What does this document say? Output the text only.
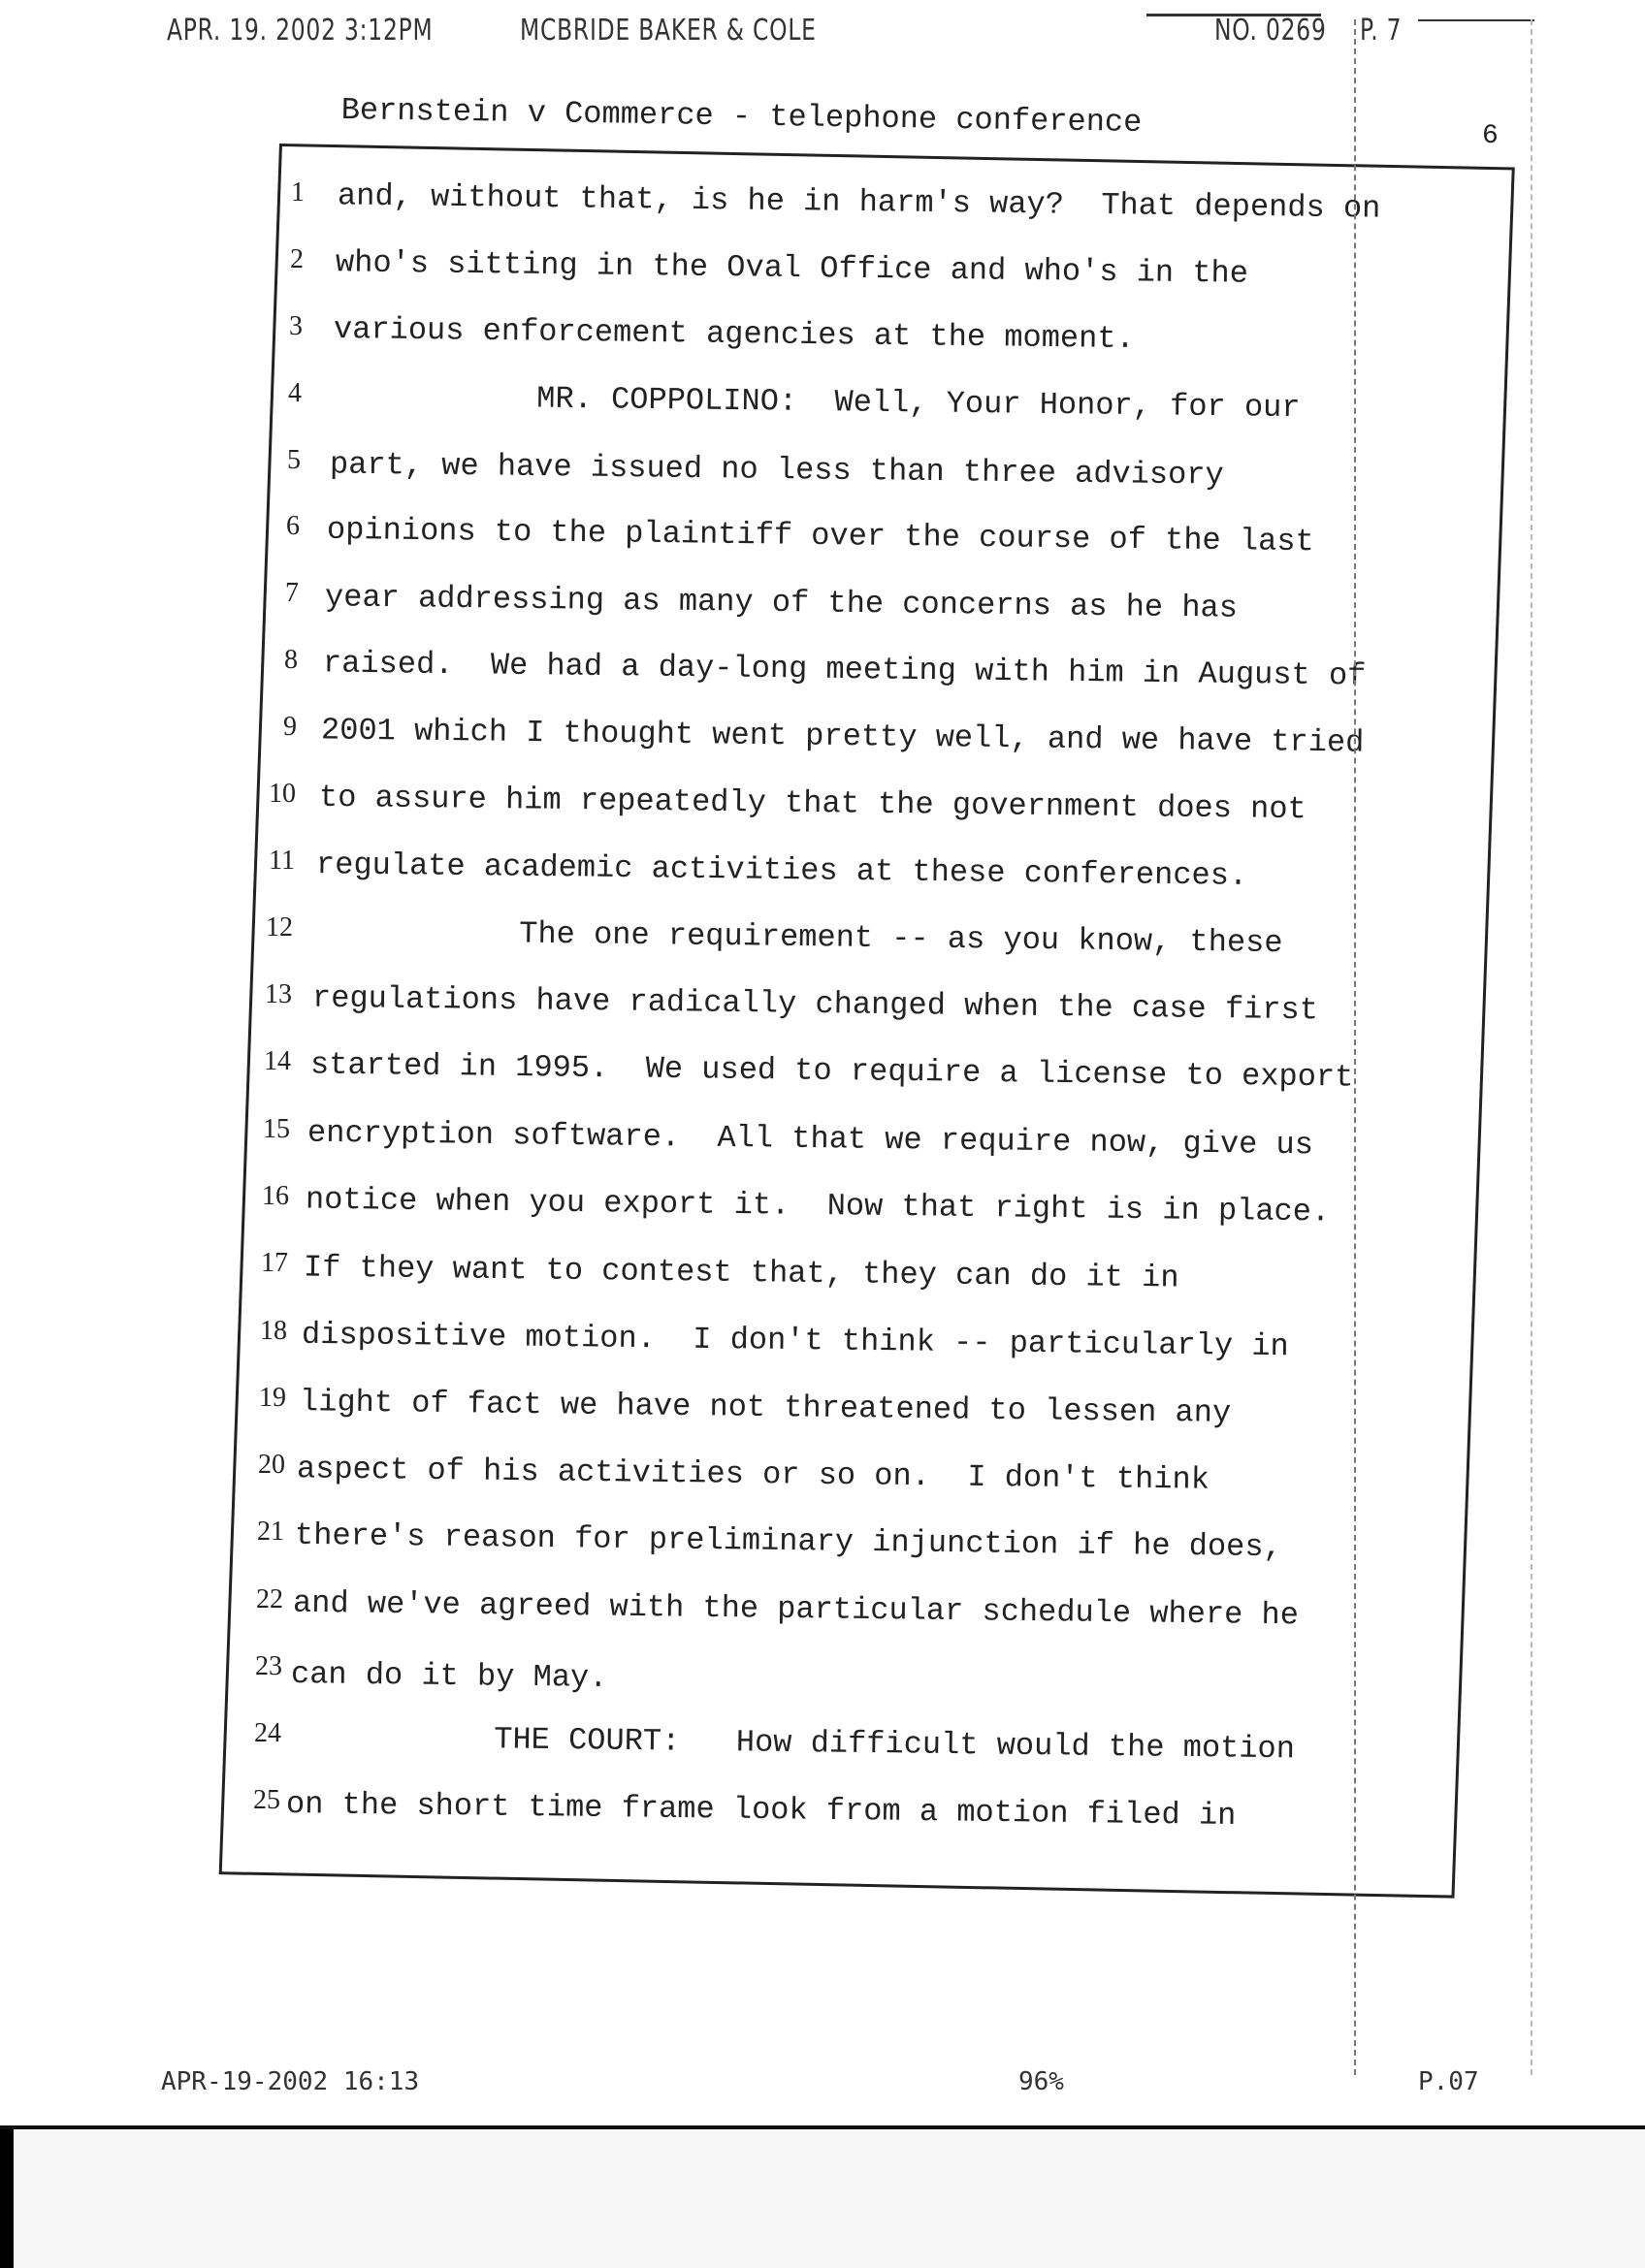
APR. 19. 2002 3:12PM	MCBRIDE BAKER & COLE	NO. 0269 P. 7
Bernstein v Commerce - telephone conference	6
1 and, without that, is he in harm's way?  That depends on
2 who's sitting in the Oval Office and who's in the
3 various enforcement agencies at the moment.
4 MR. COPPOLINO:  Well, Your Honor, for our
5 part, we have issued no less than three advisory
6 opinions to the plaintiff over the course of the last
7 year addressing as many of the concerns as he has
8 raised.  We had a day-long meeting with him in August of
9 2001 which I thought went pretty well, and we have tried
10 to assure him repeatedly that the government does not
11 regulate academic activities at these conferences.
12 The one requirement -- as you know, these
13 regulations have radically changed when the case first
14 started in 1995.  We used to require a license to export
15 encryption software.  All that we require now, give us
16 notice when you export it.  Now that right is in place.
17 If they want to contest that, they can do it in
18 dispositive motion.  I don't think -- particularly in
19 light of fact we have not threatened to lessen any
20 aspect of his activities or so on.  I don't think
21 there's reason for preliminary injunction if he does,
22 and we've agreed with the particular schedule where he
23 can do it by May.
24 THE COURT:   How difficult would the motion
25 on the short time frame look from a motion filed in
APR-19-2002 16:13	96%	P.07
